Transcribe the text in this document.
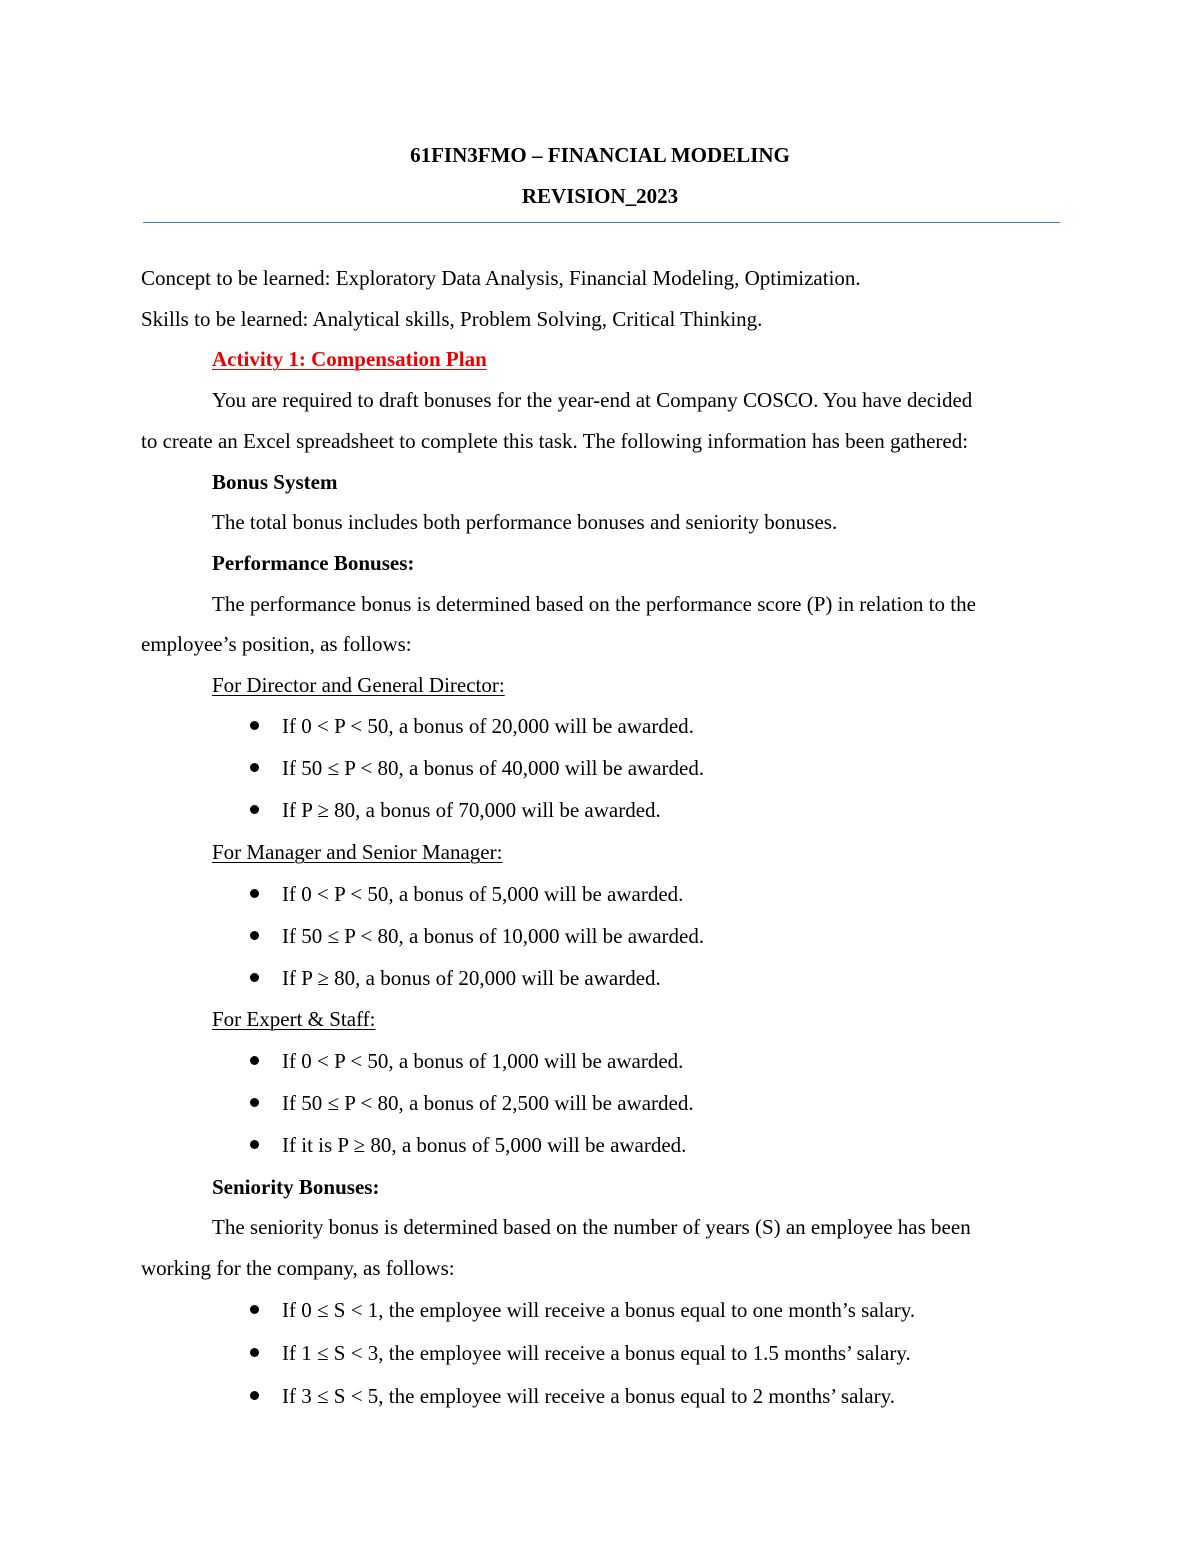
61FIN3FMO – FINANCIAL MODELING
REVISION_2023
Concept to be learned: Exploratory Data Analysis, Financial Modeling, Optimization.
Skills to be learned: Analytical skills, Problem Solving, Critical Thinking.
Activity 1: Compensation Plan
You are required to draft bonuses for the year-end at Company COSCO. You have decided
to create an Excel spreadsheet to complete this task. The following information has been gathered:
Bonus System
The total bonus includes both performance bonuses and seniority bonuses.
Performance Bonuses:
The performance bonus is determined based on the performance score (P) in relation to the
employee’s position, as follows:
For Director and General Director:
If 0 < P < 50, a bonus of 20,000 will be awarded.
If 50 ≤ P < 80, a bonus of 40,000 will be awarded.
If P ≥ 80, a bonus of 70,000 will be awarded.
For Manager and Senior Manager:
If 0 < P < 50, a bonus of 5,000 will be awarded.
If 50 ≤ P < 80, a bonus of 10,000 will be awarded.
If P ≥ 80, a bonus of 20,000 will be awarded.
For Expert & Staff:
If 0 < P < 50, a bonus of 1,000 will be awarded.
If 50 ≤ P < 80, a bonus of 2,500 will be awarded.
If it is P ≥ 80, a bonus of 5,000 will be awarded.
Seniority Bonuses:
The seniority bonus is determined based on the number of years (S) an employee has been
working for the company, as follows:
If 0 ≤ S < 1, the employee will receive a bonus equal to one month’s salary.
If 1 ≤ S < 3, the employee will receive a bonus equal to 1.5 months’ salary.
If 3 ≤ S < 5, the employee will receive a bonus equal to 2 months’ salary.
